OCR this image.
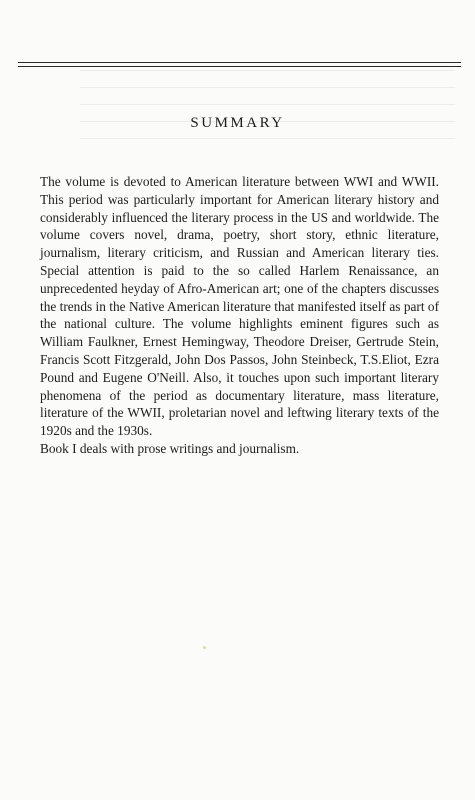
SUMMARY

The volume is devoted to American literature between WWI and WWII. This period was particularly important for American literary history and considerably influenced the literary process in the US and worldwide. The volume covers novel, drama, poetry, short story, ethnic literature, journalism, literary criticism, and Russian and American literary ties. Special attention is paid to the so called Harlem Renaissance, an unprecedented heyday of Afro-American art; one of the chapters discusses the trends in the Native American literature that manifested itself as part of the national culture. The volume highlights eminent figures such as William Faulkner, Ernest Hemingway, Theodore Dreiser, Gertrude Stein, Francis Scott Fitzgerald, John Dos Passos, John Steinbeck, T.S.Eliot, Ezra Pound and Eugene O'Neill. Also, it touches upon such important literary phenomena of the period as documentary literature, mass literature, literature of the WWII, proletarian novel and leftwing literary texts of the 1920s and the 1930s.

Book I deals with prose writings and journalism.
